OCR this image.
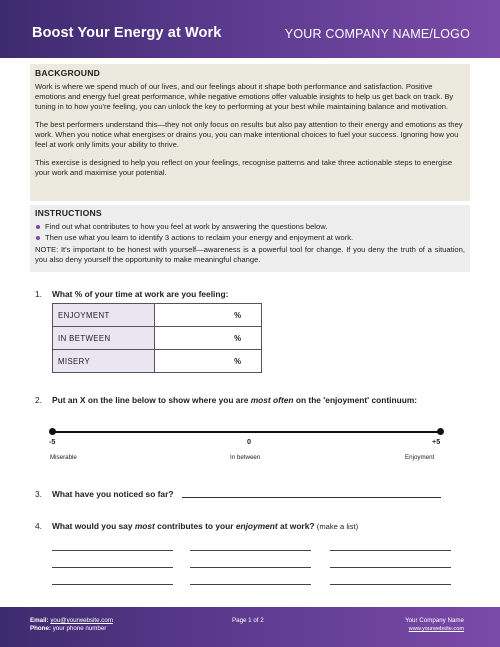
Boost Your Energy at Work	YOUR COMPANY NAME/LOGO
BACKGROUND

Work is where we spend much of our lives, and our feelings about it shape both performance and satisfaction. Positive emotions and energy fuel great performance, while negative emotions offer valuable insights to help us get back on track. By tuning in to how you're feeling, you can unlock the key to performing at your best while maintaining balance and motivation.

The best performers understand this—they not only focus on results but also pay attention to their energy and emotions as they work. When you notice what energises or drains you, you can make intentional choices to fuel your success. Ignoring how you feel at work only limits your ability to thrive.

This exercise is designed to help you reflect on your feelings, recognise patterns and take three actionable steps to energise your work and maximise your potential.

INSTRUCTIONS
Find out what contributes to how you feel at work by answering the questions below.
Then use what you learn to identify 3 actions to reclaim your energy and enjoyment at work.
NOTE: It's important to be honest with yourself—awareness is a powerful tool for change. If you deny the truth of a situation, you also deny yourself the opportunity to make meaningful change.
1. What % of your time at work are you feeling:
ENJOYMENT	%
IN BETWEEN	%
MISERY	%
2. Put an X on the line below to show where you are most often on the 'enjoyment' continuum:
-5	0	+5
Miserable	In between	Enjoyment
3. What have you noticed so far?
4. What would you say most contributes to your enjoyment at work? (make a list)
Email: you@yourwebsite.com
Phone: your phone number
Page 1 of 2	Your Company Name
www.yourwebsite.com
